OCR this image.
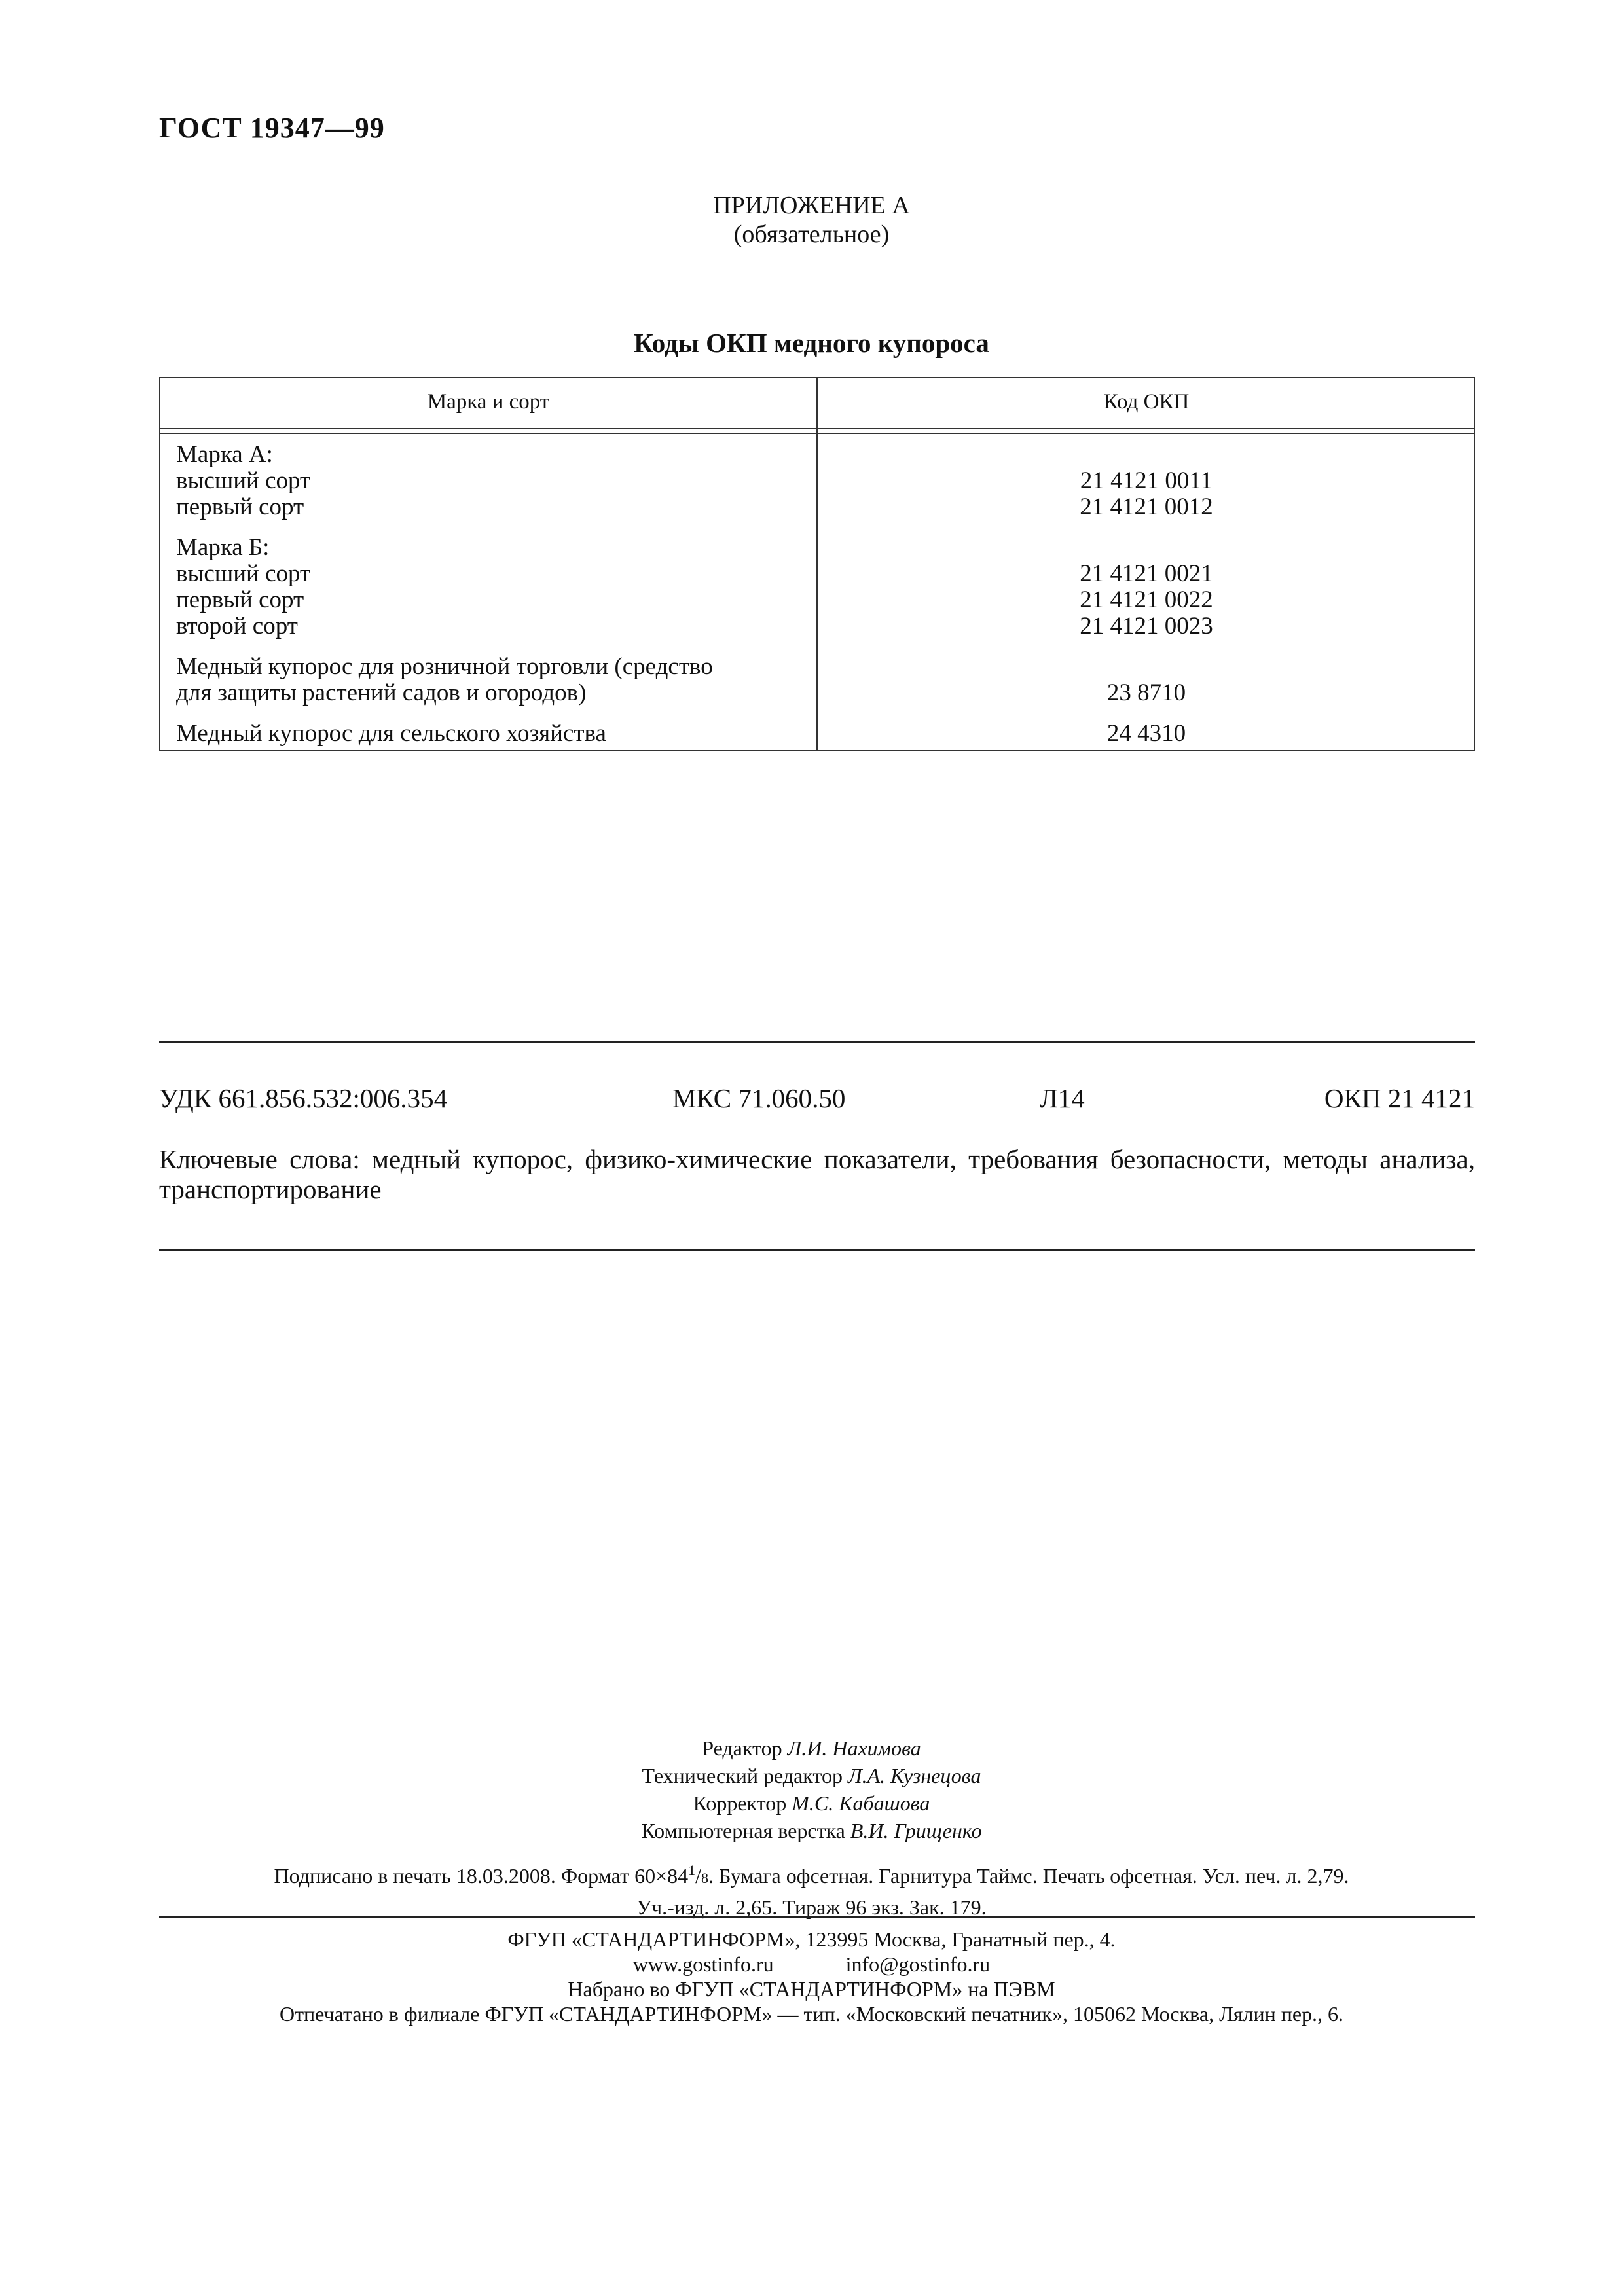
ГОСТ 19347—99
ПРИЛОЖЕНИЕ А
(обязательное)
Коды ОКП медного купороса
Марка и сорт	Код ОКП
Марка А:
высший сорт	21 4121 0011
первый сорт	21 4121 0012
Марка Б:
высший сорт	21 4121 0021
первый сорт	21 4121 0022
второй сорт	21 4121 0023
Медный купорос для розничной торговли (средство
для защиты растений садов и огородов)	23 8710
Медный купорос для сельского хозяйства	24 4310
УДК 661.856.532:006.354	МКС 71.060.50	Л14	ОКП 21 4121
Ключевые слова: медный купорос, физико-химические показатели, требования безопасности, методы анализа, транспортирование
Редактор Л.И. Нахимова
Технический редактор Л.А. Кузнецова
Корректор М.С. Кабашова
Компьютерная верстка В.И. Грищенко
Подписано в печать 18.03.2008. Формат $60\times 84^1/8$. Бумага офсетная. Гарнитура Таймс. Печать офсетная. Усл. печ. л. 2,79.
Уч.-изд. л. 2,65. Тираж 96 экз. Зак. 179.
ФГУП «СТАНДАРТИНФОРМ», 123995 Москва, Гранатный пер., 4.
www.gostinfo.ru	info@gostinfo.ru
Набрано во ФГУП «СТАНДАРТИНФОРМ» на ПЭВМ
Отпечатано в филиале ФГУП «СТАНДАРТИНФОРМ» — тип. «Московский печатник», 105062 Москва, Лялин пер., 6.
